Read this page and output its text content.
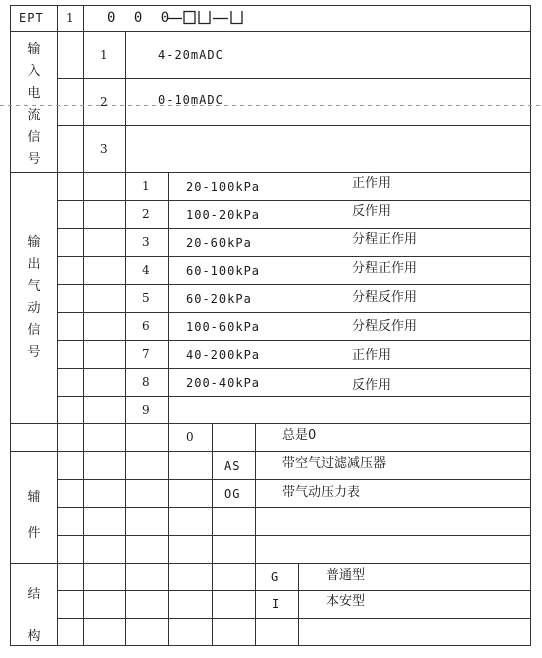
EPT 1 0 0 0
输
入
电
流
信
号
1	4-20mADC
2	0-10mADC
3
输
出
气
动
信
号
1	20-100kPa	正作用
2	100-20kPa	反作用
3	20-60kPa	分程正作用
4	60-100kPa	分程正作用
5	60-20kPa	分程反作用
6	100-60kPa	分程反作用
7	40-200kPa	正作用
8	200-40kPa	反作用
9
0	总是0
辅
件
AS	带空气过滤减压器
OG	带气动压力表
结
构
G	普通型
I	本安型
